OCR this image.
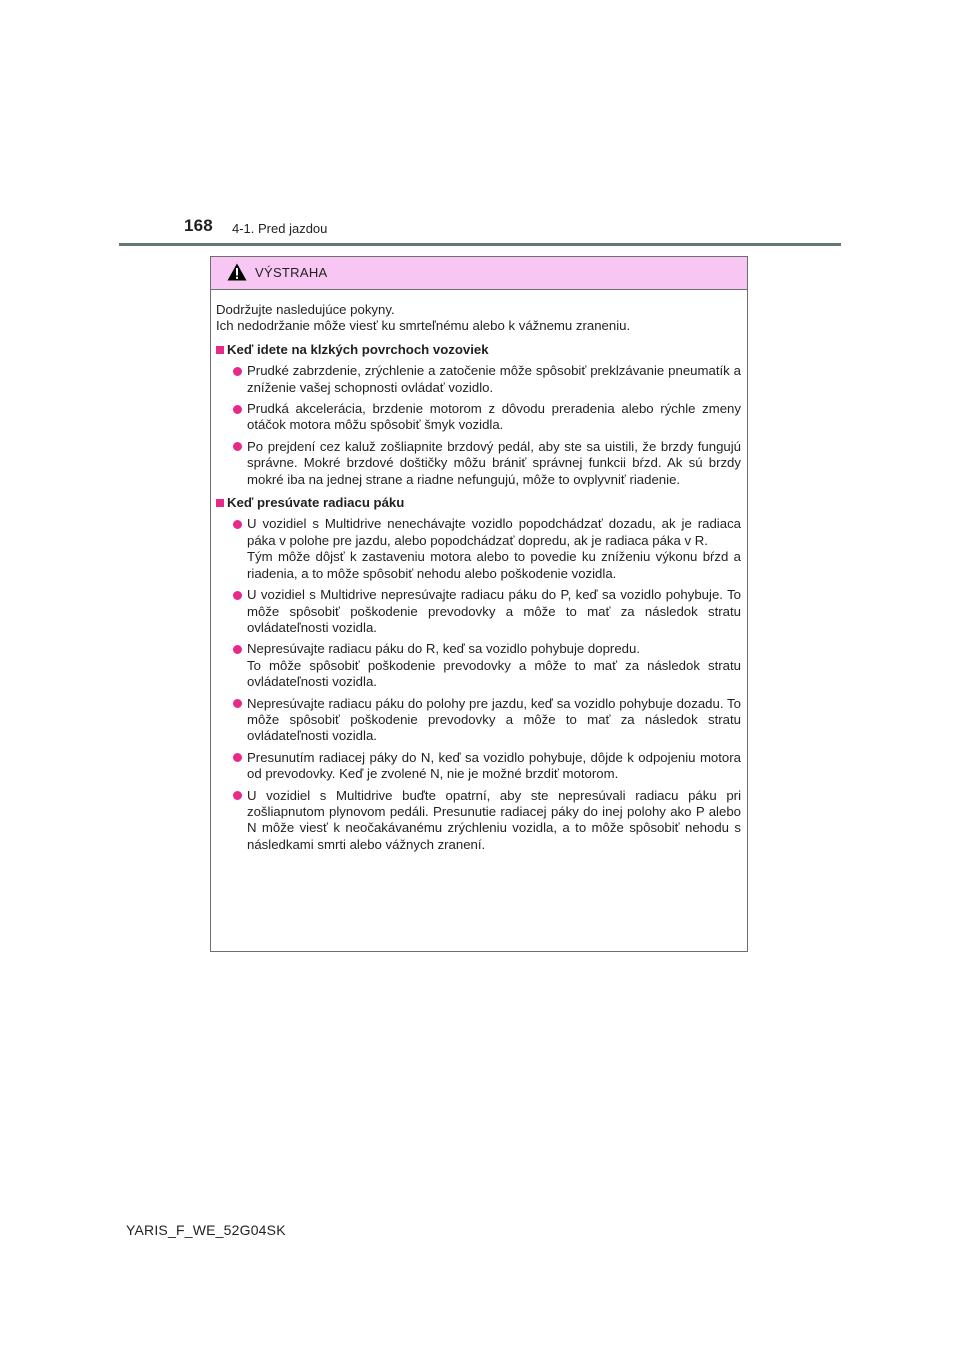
168 4-1. Pred jazdou
VÝSTRAHA

Dodržujte nasledujúce pokyny.

Ich nedodržanie môže viesť ku smrteľnému alebo k vážnemu zraneniu.

Keď idete na klzkých povrchoch vozoviek
Prudké zabrzdenie, zrýchlenie a zatočenie môže spôsobiť preklzávanie pneumatík a zníženie vašej schopnosti ovládať vozidlo.
Prudká akcelerácia, brzdenie motorom z dôvodu preradenia alebo rýchle zmeny otáčok motora môžu spôsobiť šmyk vozidla.
Po prejdení cez kaluž zošliapnite brzdový pedál, aby ste sa uistili, že brzdy fungujú správne. Mokré brzdové doštičky môžu brániť správnej funkcii bŕzd. Ak sú brzdy mokré iba na jednej strane a riadne nefungujú, môže to ovplyvniť riadenie.
Keď presúvate radiacu páku
U vozidiel s Multidrive nenechávajte vozidlo popodchádzať dozadu, ak je radiaca páka v polohe pre jazdu, alebo popodchádzať dopredu, ak je radiaca páka v R.
Tým môže dôjsť k zastaveniu motora alebo to povedie ku zníženiu výkonu bŕzd a riadenia, a to môže spôsobiť nehodu alebo poškodenie vozidla.
U vozidiel s Multidrive nepresúvajte radiacu páku do P, keď sa vozidlo pohybuje. To môže spôsobiť poškodenie prevodovky a môže to mať za následok stratu ovládateľnosti vozidla.
Nepresúvajte radiacu páku do R, keď sa vozidlo pohybuje dopredu.
To môže spôsobiť poškodenie prevodovky a môže to mať za následok stratu ovládateľnosti vozidla.
Nepresúvajte radiacu páku do polohy pre jazdu, keď sa vozidlo pohybuje dozadu. To môže spôsobiť poškodenie prevodovky a môže to mať za následok stratu ovládateľnosti vozidla.
Presunutím radiacej páky do N, keď sa vozidlo pohybuje, dôjde k odpojeniu motora od prevodovky. Keď je zvolené N, nie je možné brzdiť motorom.
U vozidiel s Multidrive buďte opatrní, aby ste nepresúvali radiacu páku pri zošliapnutom plynovom pedáli. Presunutie radiacej páky do inej polohy ako P alebo N môže viesť k neočakávanému zrýchleniu vozidla, a to môže spôsobiť nehodu s následkami smrti alebo vážnych zranení.
YARIS_F_WE_52G04SK
